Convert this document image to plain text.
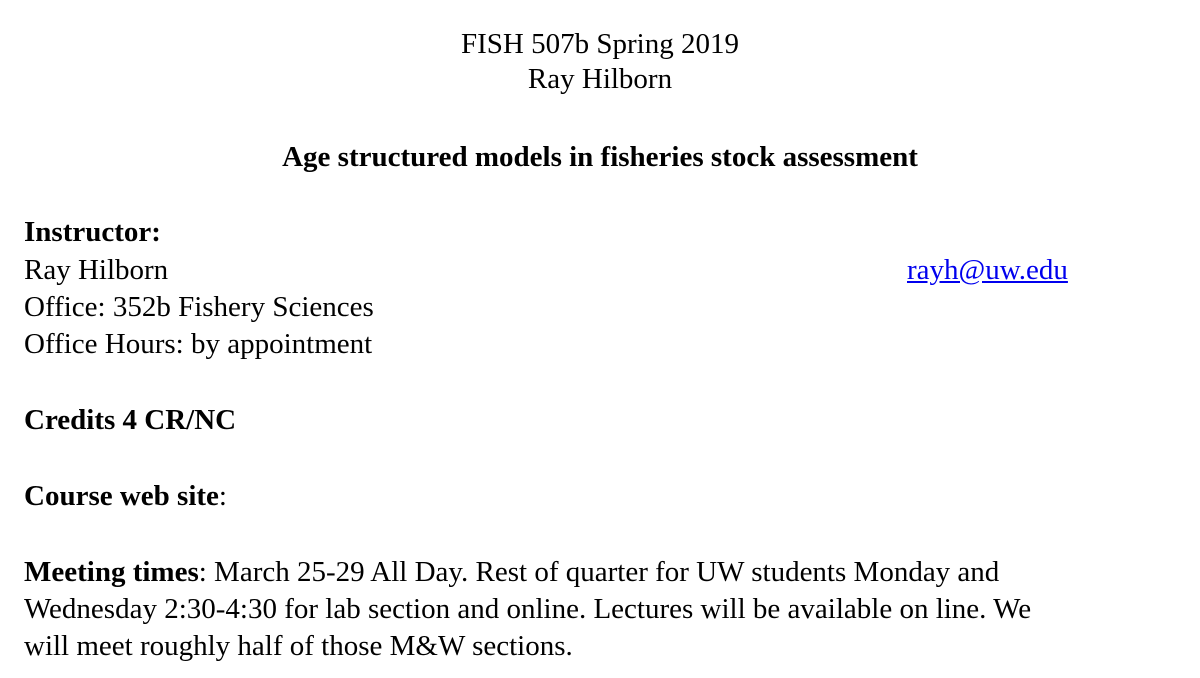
FISH 507b Spring 2019
Ray Hilborn
Age structured models in fisheries stock assessment
Instructor:
Ray Hilborn	rayh@uw.edu
Office: 352b Fishery Sciences
Office Hours: by appointment
Credits 4 CR/NC
Course web site:
Meeting times: March 25-29 All Day. Rest of quarter for UW students Monday and
Wednesday 2:30-4:30 for lab section and online. Lectures will be available on line. We
will meet roughly half of those M&W sections.
